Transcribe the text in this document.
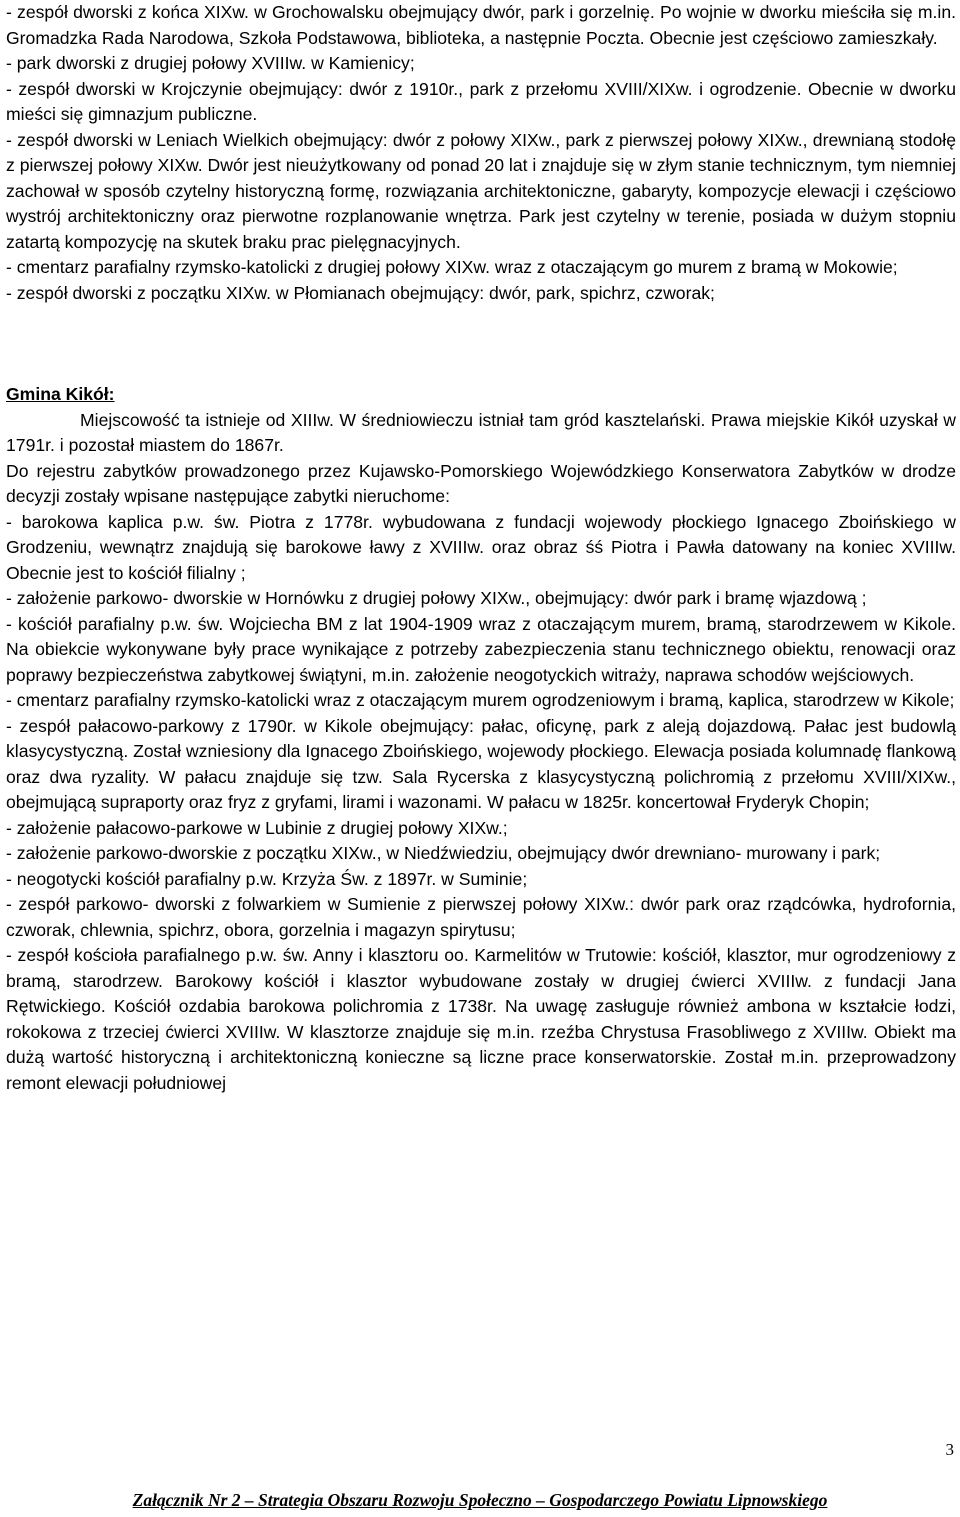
- zespół dworski z końca XIXw. w Grochowalsku obejmujący dwór, park i gorzelnię. Po wojnie w dworku mieściła się m.in. Gromadzka Rada Narodowa, Szkoła Podstawowa, biblioteka, a następnie Poczta. Obecnie jest częściowo zamieszkały.

- park dworski z drugiej połowy XVIIIw. w Kamienicy;

- zespół dworski w Krojczynie obejmujący: dwór z 1910r., park z przełomu XVIII/XIXw. i ogrodzenie. Obecnie w dworku mieści się gimnazjum publiczne.

- zespół dworski w Leniach Wielkich obejmujący: dwór z połowy XIXw., park z pierwszej połowy XIXw., drewnianą stodołę z pierwszej połowy XIXw. Dwór jest nieużytkowany od ponad 20 lat i znajduje się w złym stanie technicznym, tym niemniej zachował w sposób czytelny historyczną formę, rozwiązania architektoniczne, gabaryty, kompozycje elewacji i częściowo wystrój architektoniczny oraz pierwotne rozplanowanie wnętrza. Park jest czytelny w terenie, posiada w dużym stopniu zatartą kompozycję na skutek braku prac pielęgnacyjnych.

- cmentarz parafialny rzymsko-katolicki z drugiej połowy XIXw. wraz z otaczającym go murem z bramą w Mokowie;

- zespół dworski z początku XIXw. w Płomianach obejmujący: dwór, park, spichrz, czworak;

Gmina Kikół:

Miejscowość ta istnieje od XIIIw. W średniowieczu istniał tam gród kasztelański. Prawa miejskie Kikół uzyskał w 1791r. i pozostał miastem do 1867r.

Do rejestru zabytków prowadzonego przez Kujawsko-Pomorskiego Wojewódzkiego Konserwatora Zabytków w drodze decyzji zostały wpisane następujące zabytki nieruchome:

- barokowa kaplica p.w. św. Piotra z 1778r. wybudowana z fundacji wojewody płockiego Ignacego Zboińskiego w Grodzeniu, wewnątrz znajdują się barokowe ławy z XVIIIw. oraz obraz śś Piotra i Pawła datowany na koniec XVIIIw. Obecnie jest to kościół filialny ;

- założenie parkowo- dworskie w Hornówku z drugiej połowy XIXw., obejmujący: dwór park i bramę wjazdową ;

- kościół parafialny p.w. św. Wojciecha BM z lat 1904-1909 wraz z otaczającym murem, bramą, starodrzewem w Kikole. Na obiekcie wykonywane były prace wynikające z potrzeby zabezpieczenia stanu technicznego obiektu, renowacji oraz poprawy bezpieczeństwa zabytkowej świątyni, m.in. założenie neogotyckich witraży, naprawa schodów wejściowych.

- cmentarz parafialny rzymsko-katolicki wraz z otaczającym murem ogrodzeniowym i bramą, kaplica, starodrzew w Kikole;

- zespół pałacowo-parkowy z 1790r. w Kikole obejmujący: pałac, oficynę, park z aleją dojazdową. Pałac jest budowlą klasycystyczną. Został wzniesiony dla Ignacego Zboińskiego, wojewody płockiego. Elewacja posiada kolumnadę flankową oraz dwa ryzality. W pałacu znajduje się tzw. Sala Rycerska z klasycystyczną polichromią z przełomu XVIII/XIXw., obejmującą supraporty oraz fryz z gryfami, lirami i wazonami. W pałacu w 1825r. koncertował Fryderyk Chopin;

- założenie pałacowo-parkowe w Lubinie z drugiej połowy XIXw.;

- założenie parkowo-dworskie z początku XIXw., w Niedźwiedziu, obejmujący dwór drewniano- murowany i park;

- neogotycki kościół parafialny p.w. Krzyża Św. z 1897r. w Suminie;

- zespół parkowo- dworski z folwarkiem w Sumienie z pierwszej połowy XIXw.: dwór park oraz rządcówka, hydrofornia, czworak, chlewnia, spichrz, obora, gorzelnia i magazyn spirytusu;

- zespół kościoła parafialnego p.w. św. Anny i klasztoru oo. Karmelitów w Trutowie: kościół, klasztor, mur ogrodzeniowy z bramą, starodrzew. Barokowy kościół i klasztor wybudowane zostały w drugiej ćwierci XVIIIw. z fundacji Jana Rętwickiego. Kościół ozdabia barokowa polichromia z 1738r. Na uwagę zasługuje również ambona w kształcie łodzi, rokokowa z trzeciej ćwierci XVIIIw. W klasztorze znajduje się m.in. rzeźba Chrystusa Frasobliwego z XVIIIw. Obiekt ma dużą wartość historyczną i architektoniczną konieczne są liczne prace konserwatorskie. Został m.in. przeprowadzony remont elewacji południowej

3
Załącznik Nr 2 – Strategia Obszaru Rozwoju Społeczno – Gospodarczego Powiatu Lipnowskiego
